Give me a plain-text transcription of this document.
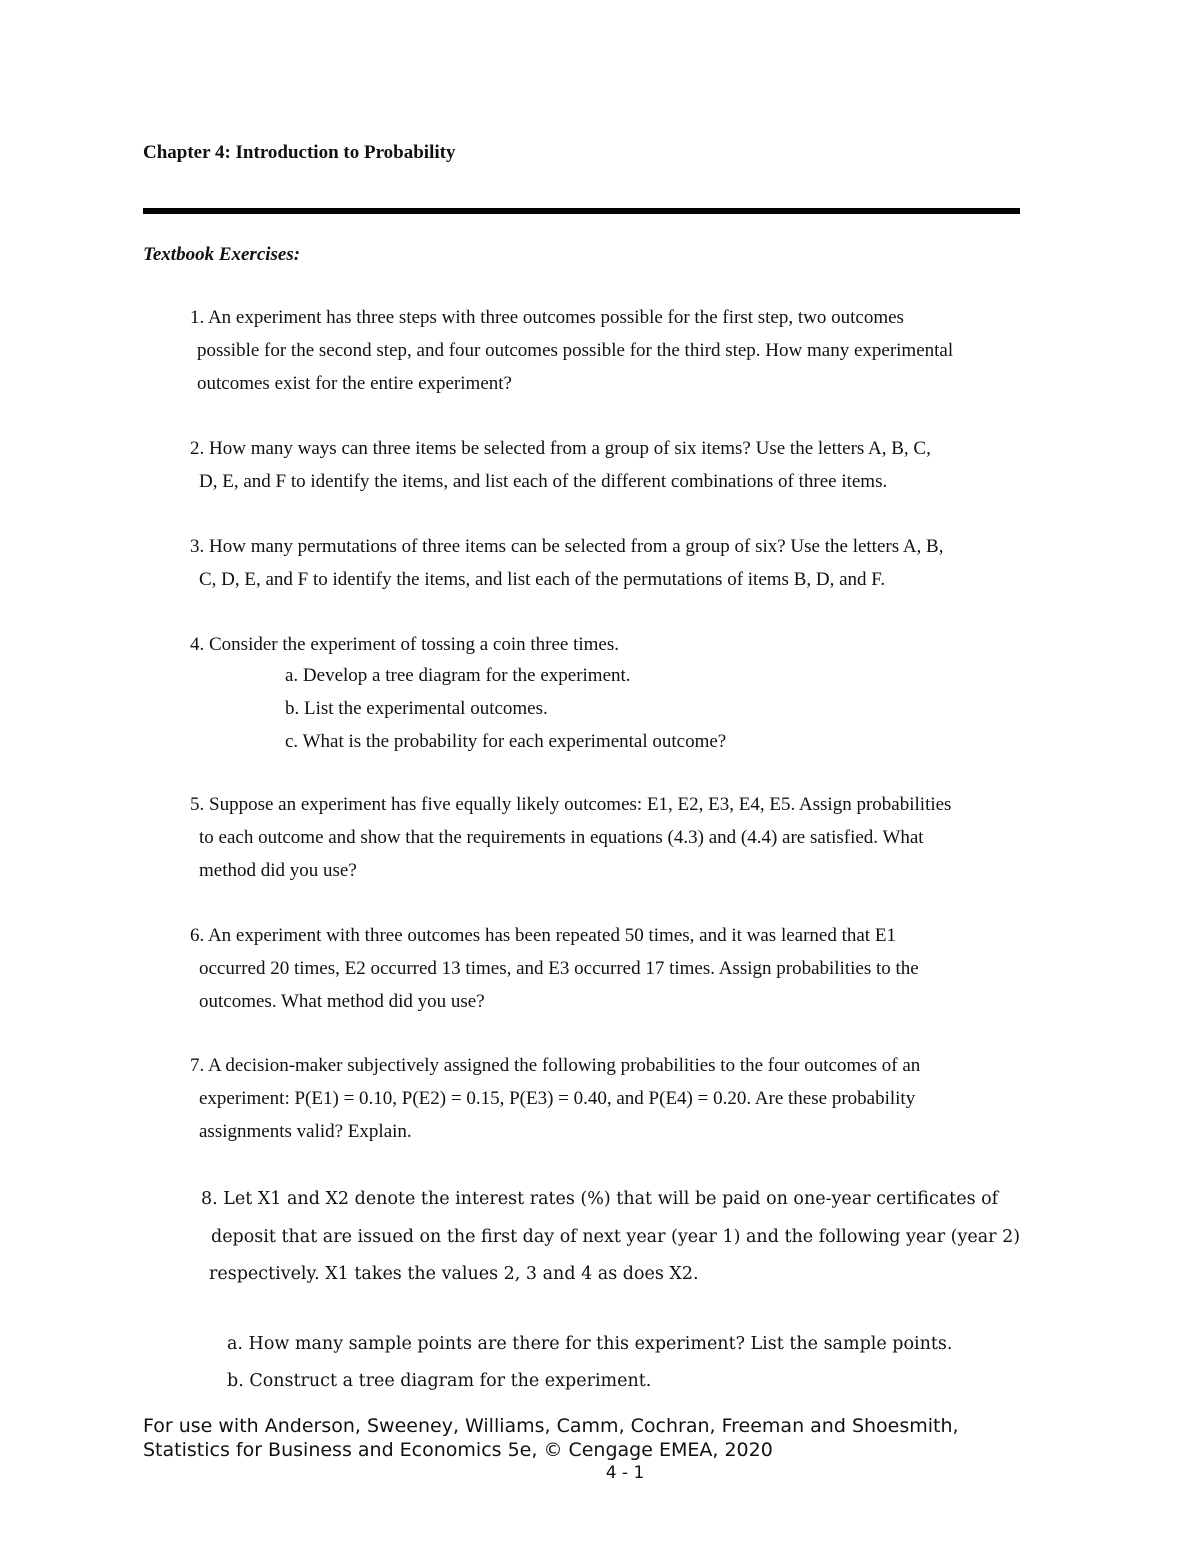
Chapter 4: Introduction to Probability
Textbook Exercises:
1. An experiment has three steps with three outcomes possible for the first step, two outcomes
possible for the second step, and four outcomes possible for the third step. How many experimental
outcomes exist for the entire experiment?
2. How many ways can three items be selected from a group of six items? Use the letters A, B, C,
D, E, and F to identify the items, and list each of the different combinations of three items.
3. How many permutations of three items can be selected from a group of six? Use the letters A, B,
C, D, E, and F to identify the items, and list each of the permutations of items B, D, and F.
4. Consider the experiment of tossing a coin three times.
a. Develop a tree diagram for the experiment.
b. List the experimental outcomes.
c. What is the probability for each experimental outcome?
5. Suppose an experiment has five equally likely outcomes: E1, E2, E3, E4, E5. Assign probabilities
to each outcome and show that the requirements in equations (4.3) and (4.4) are satisfied. What
method did you use?
6. An experiment with three outcomes has been repeated 50 times, and it was learned that E1
occurred 20 times, E2 occurred 13 times, and E3 occurred 17 times. Assign probabilities to the
outcomes. What method did you use?
7. A decision-maker subjectively assigned the following probabilities to the four outcomes of an
experiment: P(E1) = 0.10, P(E2) = 0.15, P(E3) = 0.40, and P(E4) = 0.20. Are these probability
assignments valid? Explain.
8. Let X1 and X2 denote the interest rates (%) that will be paid on one-year certificates of
deposit that are issued on the first day of next year (year 1) and the following year (year 2)
respectively. X1 takes the values 2, 3 and 4 as does X2.
a. How many sample points are there for this experiment? List the sample points.
b. Construct a tree diagram for the experiment.
For use with Anderson, Sweeney, Williams, Camm, Cochran, Freeman and Shoesmith,
Statistics for Business and Economics 5e, © Cengage EMEA, 2020
4 - 1
